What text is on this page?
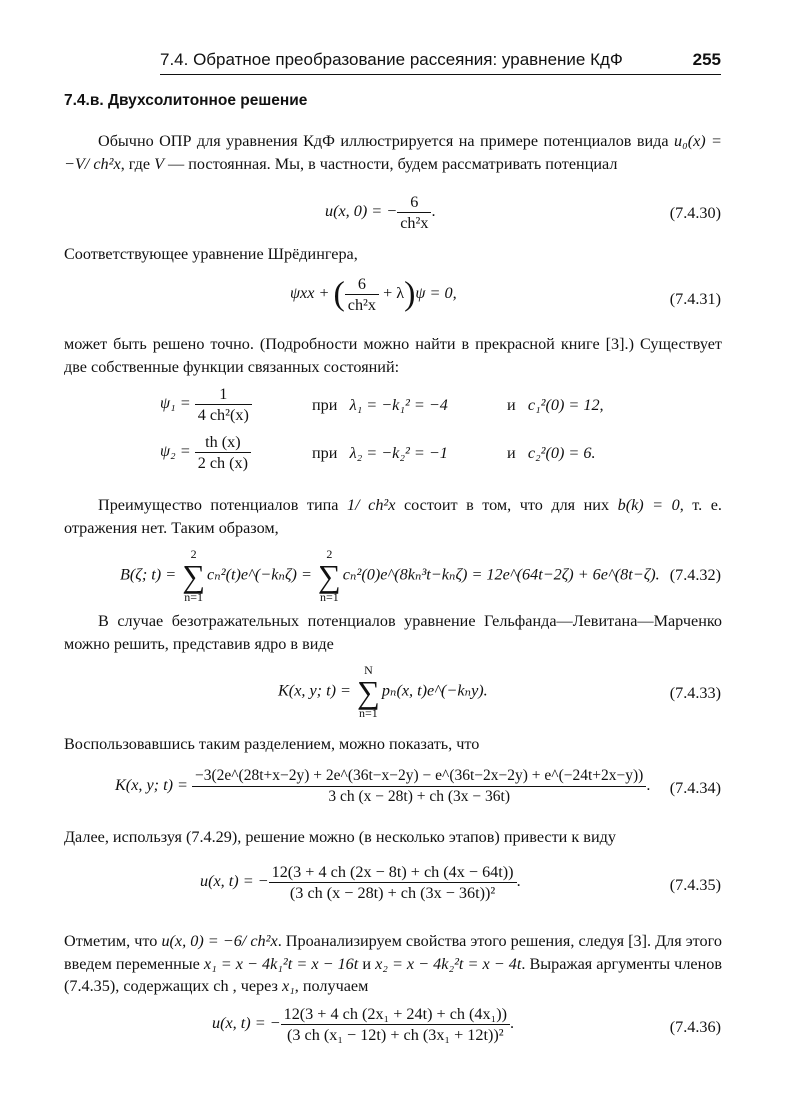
7.4. Обратное преобразование рассеяния: уравнение КдФ	255
7.4.в. Двухсолитонное решение

Обычно ОПР для уравнения КдФ иллюстрируется на примере потенциалов вида u₀(x) = −V/ ch²x, где V — постоянная. Мы, в частности, будем рассматривать потенциал

u(x, 0) = − $\frac{6}{\text{ch²x}}$ .	(7.4.30)

Соответствующее уравнение Шрёдингера,

ψxx + ( $\frac{6}{\text{ch²x}} + \lambda)\psi = 0$,	(7.4.31)

может быть решено точно. (Подробности можно найти в прекрасной книге [3].) Существует две собственные функции связанных состояний:

$\psi_1 = \frac{1}{\text{4 ch²(x)}}$	при λ₁ = −k₁² = −4	и c₁²(0) = 12,
$\psi_2 = \frac{th (x)}{2 ch (x)}$	при λ₂ = −k₂² = −1	и c₂²(0) = 6.

Преимущество потенциалов типа 1/ ch²x состоит в том, что для них b(k) = 0, т. е. отражения нет. Таким образом,

B(ζ; t) = 2
∑
n=1cₙ²(t)e^(−kₙζ) = 2
∑
n=1cₙ²(0)e^(8kₙ³t−kₙζ) = 12e^(64t−2ζ) + 6e^(8t−ζ). (7.4.32)

В случае безотражательных потенциалов уравнение Гельфанда—Левитана—Марченко можно решить, представив ядро в виде

K(x, y; t) = N
∑
n=1pₙ(x, t)e^(−kₙy).	(7.4.33)

Воспользовавшись таким разделением, можно показать, что

K(x, y; t) =
−3(2e^(28t+x−2y) + 2e^(36t−x−2y) − e^(36t−2x−2y) + e^(−24t+2x−y))
3 ch (x − 28t) + ch (3x − 36t)
. (7.4.34)

Далее, используя (7.4.29), решение можно (в несколько этапов) привести к виду

u(x, t) = − $\frac{12(3 + 4 ch (2x - 8t) + ch (4x - 64t))}{\text{(3 ch (x − 28t) + ch (3x − 36t))²}}$ .	(7.4.35)

Отметим, что u(x, 0) = −6/ ch²x. Проанализируем свойства этого решения, следуя [3]. Для этого введем переменные x₁ = x − 4k₁²t = x − 16t и x₂ = x − 4k₂²t = x − 4t. Выражая аргументы членов (7.4.35), содержащих ch , через x₁, получаем

u(x, t) = − $\frac{\text{12(3 + 4 ch (2x₁ + 24t) + ch (4x₁))}}{\text{(3 ch (x₁ − 12t) + ch (3x₁ + 12t))²}}$ .	(7.4.36)
